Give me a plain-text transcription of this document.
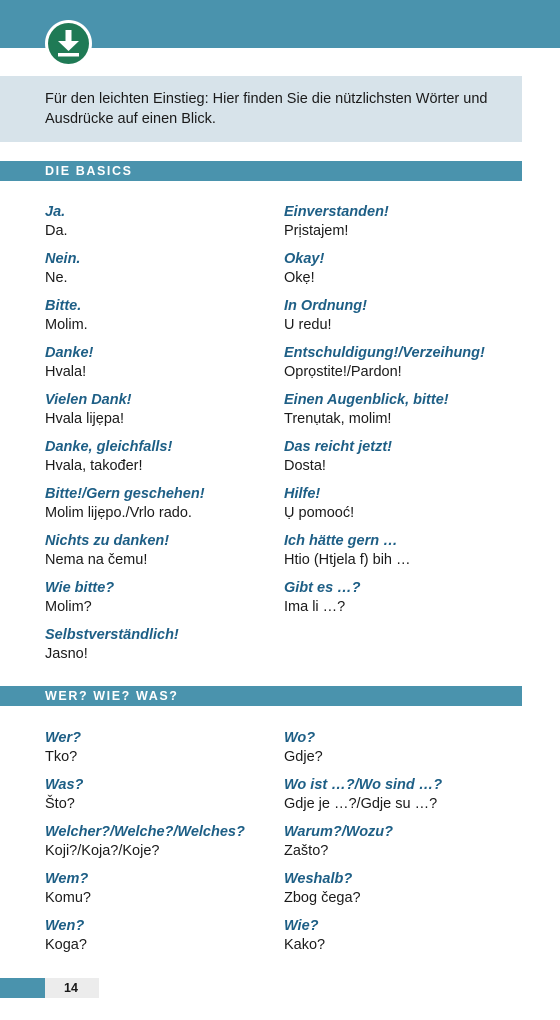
Für den leichten Einstieg: Hier finden Sie die nützlichsten Wörter und Ausdrücke auf einen Blick.

DIE BASICS
Ja.
Da.
Nein.
Ne.
Bitte.
Molim.
Danke!
Hvala!
Vielen Dank!
Hvala lijẹpa!
Danke, gleichfalls!
Hvala, također!
Bitte!/Gern geschehen!
Molim lijẹpo./Vrlo rado.
Nichts zu danken!
Nema na čemu!
Wie bitte?
Molim?
Selbstverständlich!
Jasno!
Einverstanden!
Prịstajem!
Okay!
Okẹ!
In Ordnung!
U redu!
Entschuldigung!/Verzeihung!
Oprọstite!/Pardon!
Einen Augenblick, bitte!
Trenụtak, molim!
Das reicht jetzt!
Dosta!
Hilfe!
Ụ pomooć!
Ich hätte gern …
Htio (Htjela f) bih …
Gibt es …?
Ima li …?
WER? WIE? WAS?
Wer?
Tko?
Was?
Što?
Welcher?/Welche?/Welches?
Koji?/Koja?/Koje?
Wem?
Komu?
Wen?
Koga?
Wo?
Gdje?
Wo ist …?/Wo sind …?
Gdje je …?/Gdje su …?
Warum?/Wozu?
Zašto?
Weshalb?
Zbog čega?
Wie?
Kako?
14
